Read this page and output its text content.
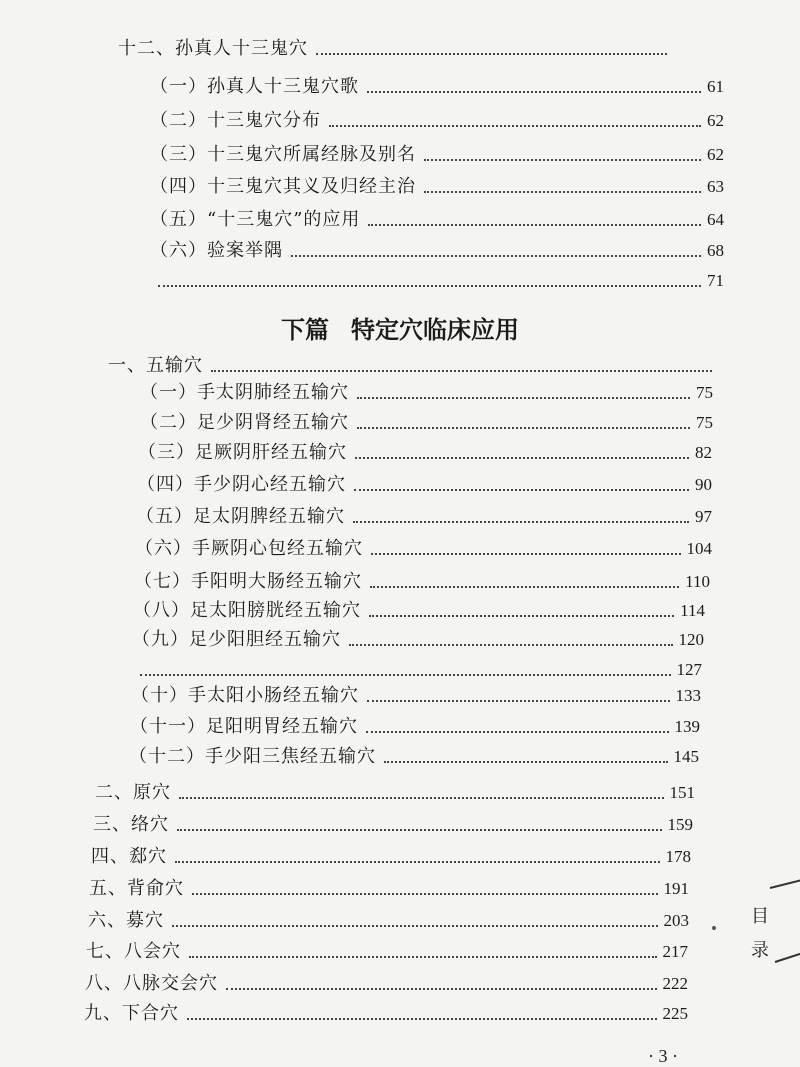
十二、孙真人十三鬼穴
（一）孙真人十三鬼穴歌	61
（二）十三鬼穴分布	62
（三）十三鬼穴所属经脉及别名	62
（四）十三鬼穴其义及归经主治	63
（五）“十三鬼穴”的应用	64
（六）验案举隅	68
71
下篇 特定穴临床应用
一、五输穴
（一）手太阴肺经五输穴	75
（二）足少阴肾经五输穴	75
（三）足厥阴肝经五输穴	82
（四）手少阴心经五输穴	90
（五）足太阴脾经五输穴	97
（六）手厥阴心包经五输穴	104
（七）手阳明大肠经五输穴	110
（八）足太阳膀胱经五输穴	114
（九）足少阳胆经五输穴	120
127
（十）手太阳小肠经五输穴	133
（十一）足阳明胃经五输穴	139
（十二）手少阳三焦经五输穴	145
二、原穴	151
三、络穴	159
四、郄穴	178
五、背俞穴	191
六、募穴	203
七、八会穴	217
八、八脉交会穴	222
九、下合穴	225
目
录
· 3 ·
